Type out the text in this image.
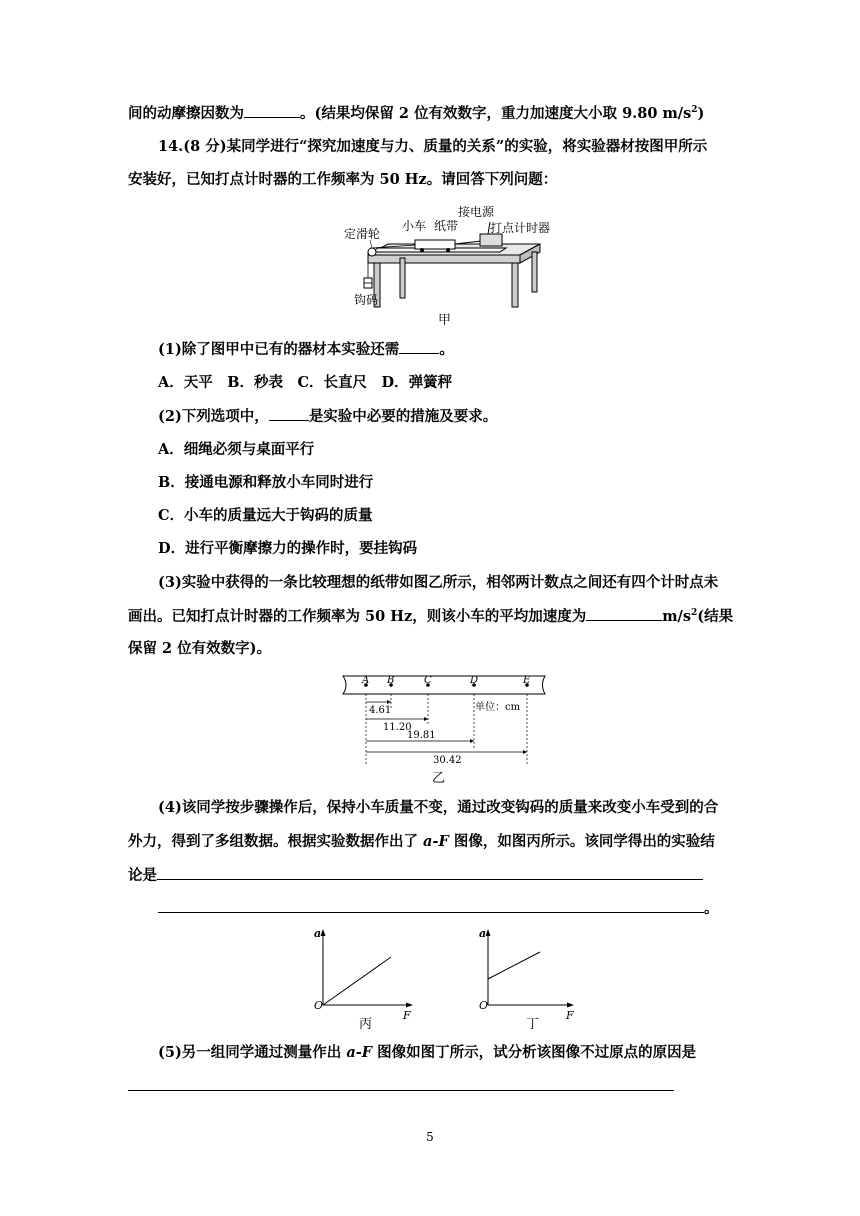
间的动摩擦因数为	。(结果均保留 2 位有效数字，重力加速度大小取 9.80 $m/s^2$)
14.(8 分)某同学进行“探究加速度与力、质量的关系”的实验，将实验器材按图甲所示
安装好，已知打点计时器的工作频率为 50 Hz。请回答下列问题：
定滑轮
小车 纸带
接电源
打点计时器
钩码
甲
(1)除了图甲中已有的器材本实验还需	。
A．天平　B．秒表　C．长直尺　D．弹簧秤
(2)下列选项中，	是实验中必要的措施及要求。
A．细绳必须与桌面平行
B．接通电源和释放小车同时进行
C．小车的质量远大于钩码的质量
D．进行平衡摩擦力的操作时，要挂钩码
(3)实验中获得的一条比较理想的纸带如图乙所示，相邻两计数点之间还有四个计时点未
画出。已知打点计时器的工作频率为 50 Hz，则该小车的平均加速度为	$m/s^2$(结果
保留 2 位有效数字)。
A B	C	D	E
4.61
11.20
19.81
30.42
单位：cm
乙
(4)该同学按步骤操作后，保持小车质量不变，通过改变钩码的质量来改变小车受到的合
外力，得到了多组数据。根据实验数据作出了 a-F 图像，如图丙所示。该同学得出的实验结
论是
。
a
O
F
丙
a
O
F
丁
(5)另一组同学通过测量作出 a-F 图像如图丁所示，试分析该图像不过原点的原因是
5
